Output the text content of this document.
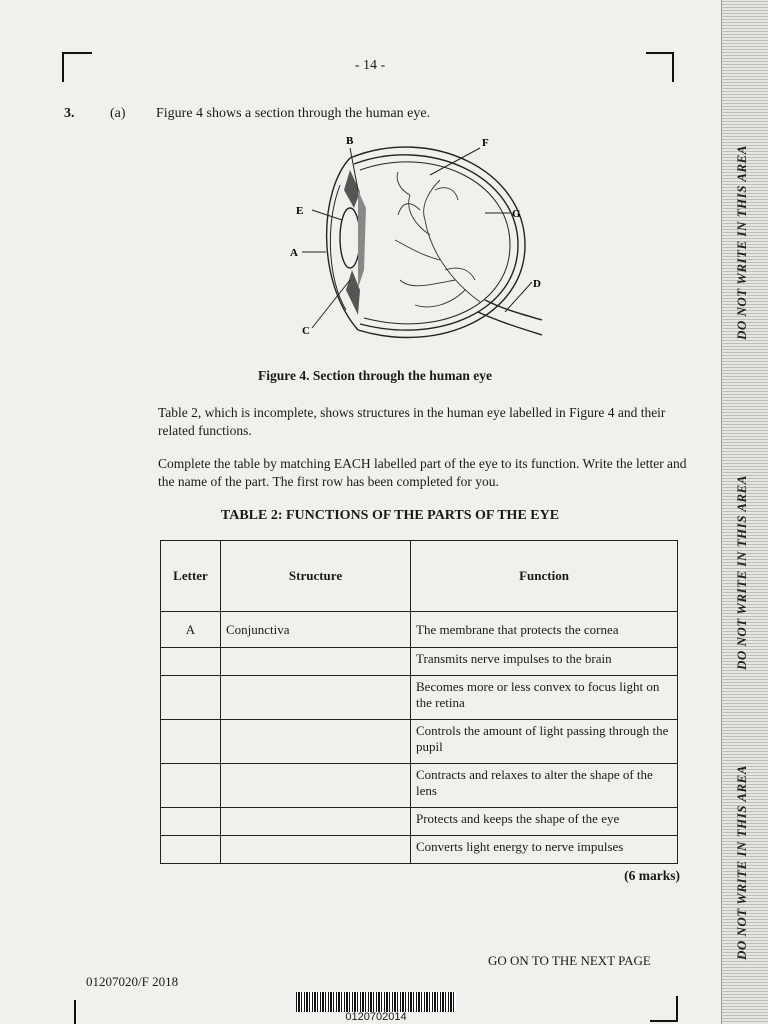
DO NOT WRITE IN THIS AREA
DO NOT WRITE IN THIS AREA
DO NOT WRITE IN THIS AREA
- 14 -
3.	(a) Figure 4 shows a section through the human eye.
B	F
E	G
A
D
C
Figure 4. Section through the human eye
Table 2, which is incomplete, shows structures in the human eye labelled in Figure 4 and their related functions.
Complete the table by matching EACH labelled part of the eye to its function. Write the letter and the name of the part. The first row has been completed for you.
TABLE 2: FUNCTIONS OF THE PARTS OF THE EYE
Letter	Structure	Function
A	Conjunctiva	The membrane that protects the cornea
		Transmits nerve impulses to the brain
		Becomes more or less convex to focus light on the retina
		Controls the amount of light passing through the pupil
		Contracts and relaxes to alter the shape of the lens
		Protects and keeps the shape of the eye
		Converts light energy to nerve impulses
(6 marks)
GO ON TO THE NEXT PAGE
01207020/F 2018
0120702014
